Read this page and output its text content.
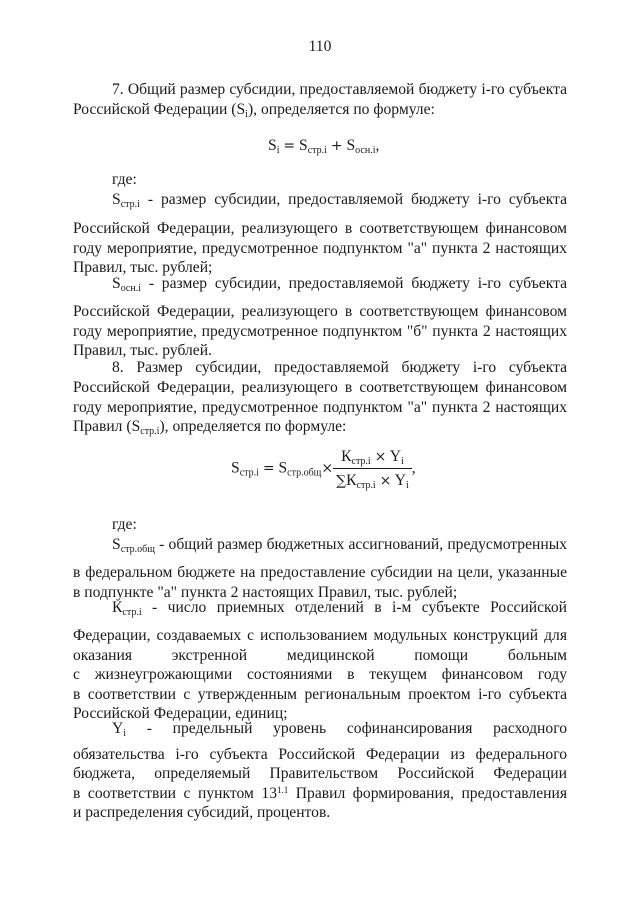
110
7. Общий размер субсидии, предоставляемой бюджету i-го субъекта
Российской Федерации $(S_i)$, определяется по формуле:
$S_i = S_{стр.i} + S_{осн.i}$,
где:
$S_{стр.i}$ - размер субсидии, предоставляемой бюджету i-го субъекта
Российской Федерации, реализующего в соответствующем финансовом
году мероприятие, предусмотренное подпунктом "а" пункта 2 настоящих
Правил, тыс. рублей;
$S_{осн.i}$ - размер субсидии, предоставляемой бюджету i-го субъекта
Российской Федерации, реализующего в соответствующем финансовом
году мероприятие, предусмотренное подпунктом "б" пункта 2 настоящих
Правил, тыс. рублей.
8. Размер субсидии, предоставляемой бюджету i-го субъекта
Российской Федерации, реализующего в соответствующем финансовом
году мероприятие, предусмотренное подпунктом "а" пункта 2 настоящих
Правил $(S_{стр.i})$, определяется по формуле:
$S_{стр.i} = S_{стр.общ}\times \frac{К_{стр.i} \times Y_i}{\sum К_{стр.i} \times Y_i}$ ,
где:
$S_{стр.общ}$ - общий размер бюджетных ассигнований, предусмотренных
в федеральном бюджете на предоставление субсидии на цели, указанные
в подпункте "а" пункта 2 настоящих Правил, тыс. рублей;
$К_{стр.i}$ - число приемных отделений в i-м субъекте Российской
Федерации, создаваемых с использованием модульных конструкций для
оказания экстренной медицинской помощи больным
с жизнеугрожающими состояниями в текущем финансовом году
в соответствии с утвержденным региональным проектом i-го субъекта
Российской Федерации, единиц;
$Y_i$ - предельный уровень софинансирования расходного
обязательства i-го субъекта Российской Федерации из федерального
бюджета, определяемый Правительством Российской Федерации
в соответствии с пунктом $13^{1.1}$ Правил формирования, предоставления
и распределения субсидий, процентов.
